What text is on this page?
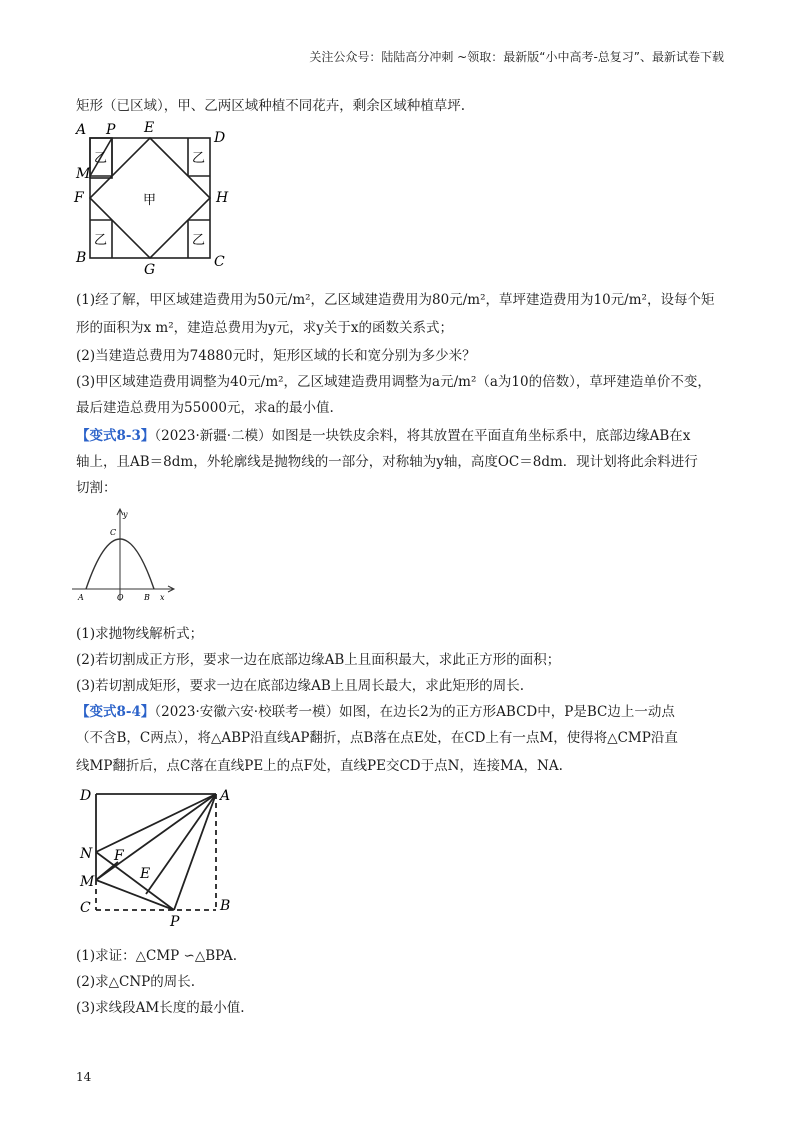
关注公众号：陆陆高分冲刺 ~领取：最新版“小中高考-总复习”、最新试卷下载
矩形（已区域），甲、乙两区域种植不同花卉，剩余区域种植草坪.
A P E
D
M
F	H
B
G	C
甲
乙	乙
乙	乙
(1)经了解，甲区域建造费用为50元/m²，乙区域建造费用为80元/m²，草坪建造费用为10元/m²，设每个矩
形的面积为x m²，建造总费用为y元，求y关于x的函数关系式；
(2)当建造总费用为74880元时，矩形区域的长和宽分别为多少米？
(3)甲区域建造费用调整为40元/m²，乙区域建造费用调整为a元/m²（a为10的倍数），草坪建造单价不变，
最后建造总费用为55000元，求a的最小值.
【变式8-3】（2023·新疆·二模）如图是一块铁皮余料，将其放置在平面直角坐标系中，底部边缘AB在x
轴上，且AB＝8dm，外轮廓线是抛物线的一部分，对称轴为y轴，高度OC＝8dm．现计划将此余料进行
切割：
y
C
A	O	B x
(1)求抛物线解析式；
(2)若切割成正方形，要求一边在底部边缘AB上且面积最大，求此正方形的面积；
(3)若切割成矩形，要求一边在底部边缘AB上且周长最大，求此矩形的周长.
【变式8-4】（2023·安徽六安·校联考一模）如图，在边长2为的正方形ABCD中，P是BC边上一动点
（不含B，C两点），将△ABP沿直线AP翻折，点B落在点E处，在CD上有一点M，使得将△CMP沿直
线MP翻折后，点C落在直线PE上的点F处，直线PE交CD于点N，连接MA，NA.
D	A
N F
E
M
C
P
B
(1)求证：△CMP ∽△BPA.
(2)求△CNP的周长.
(3)求线段AM长度的最小值.
14
